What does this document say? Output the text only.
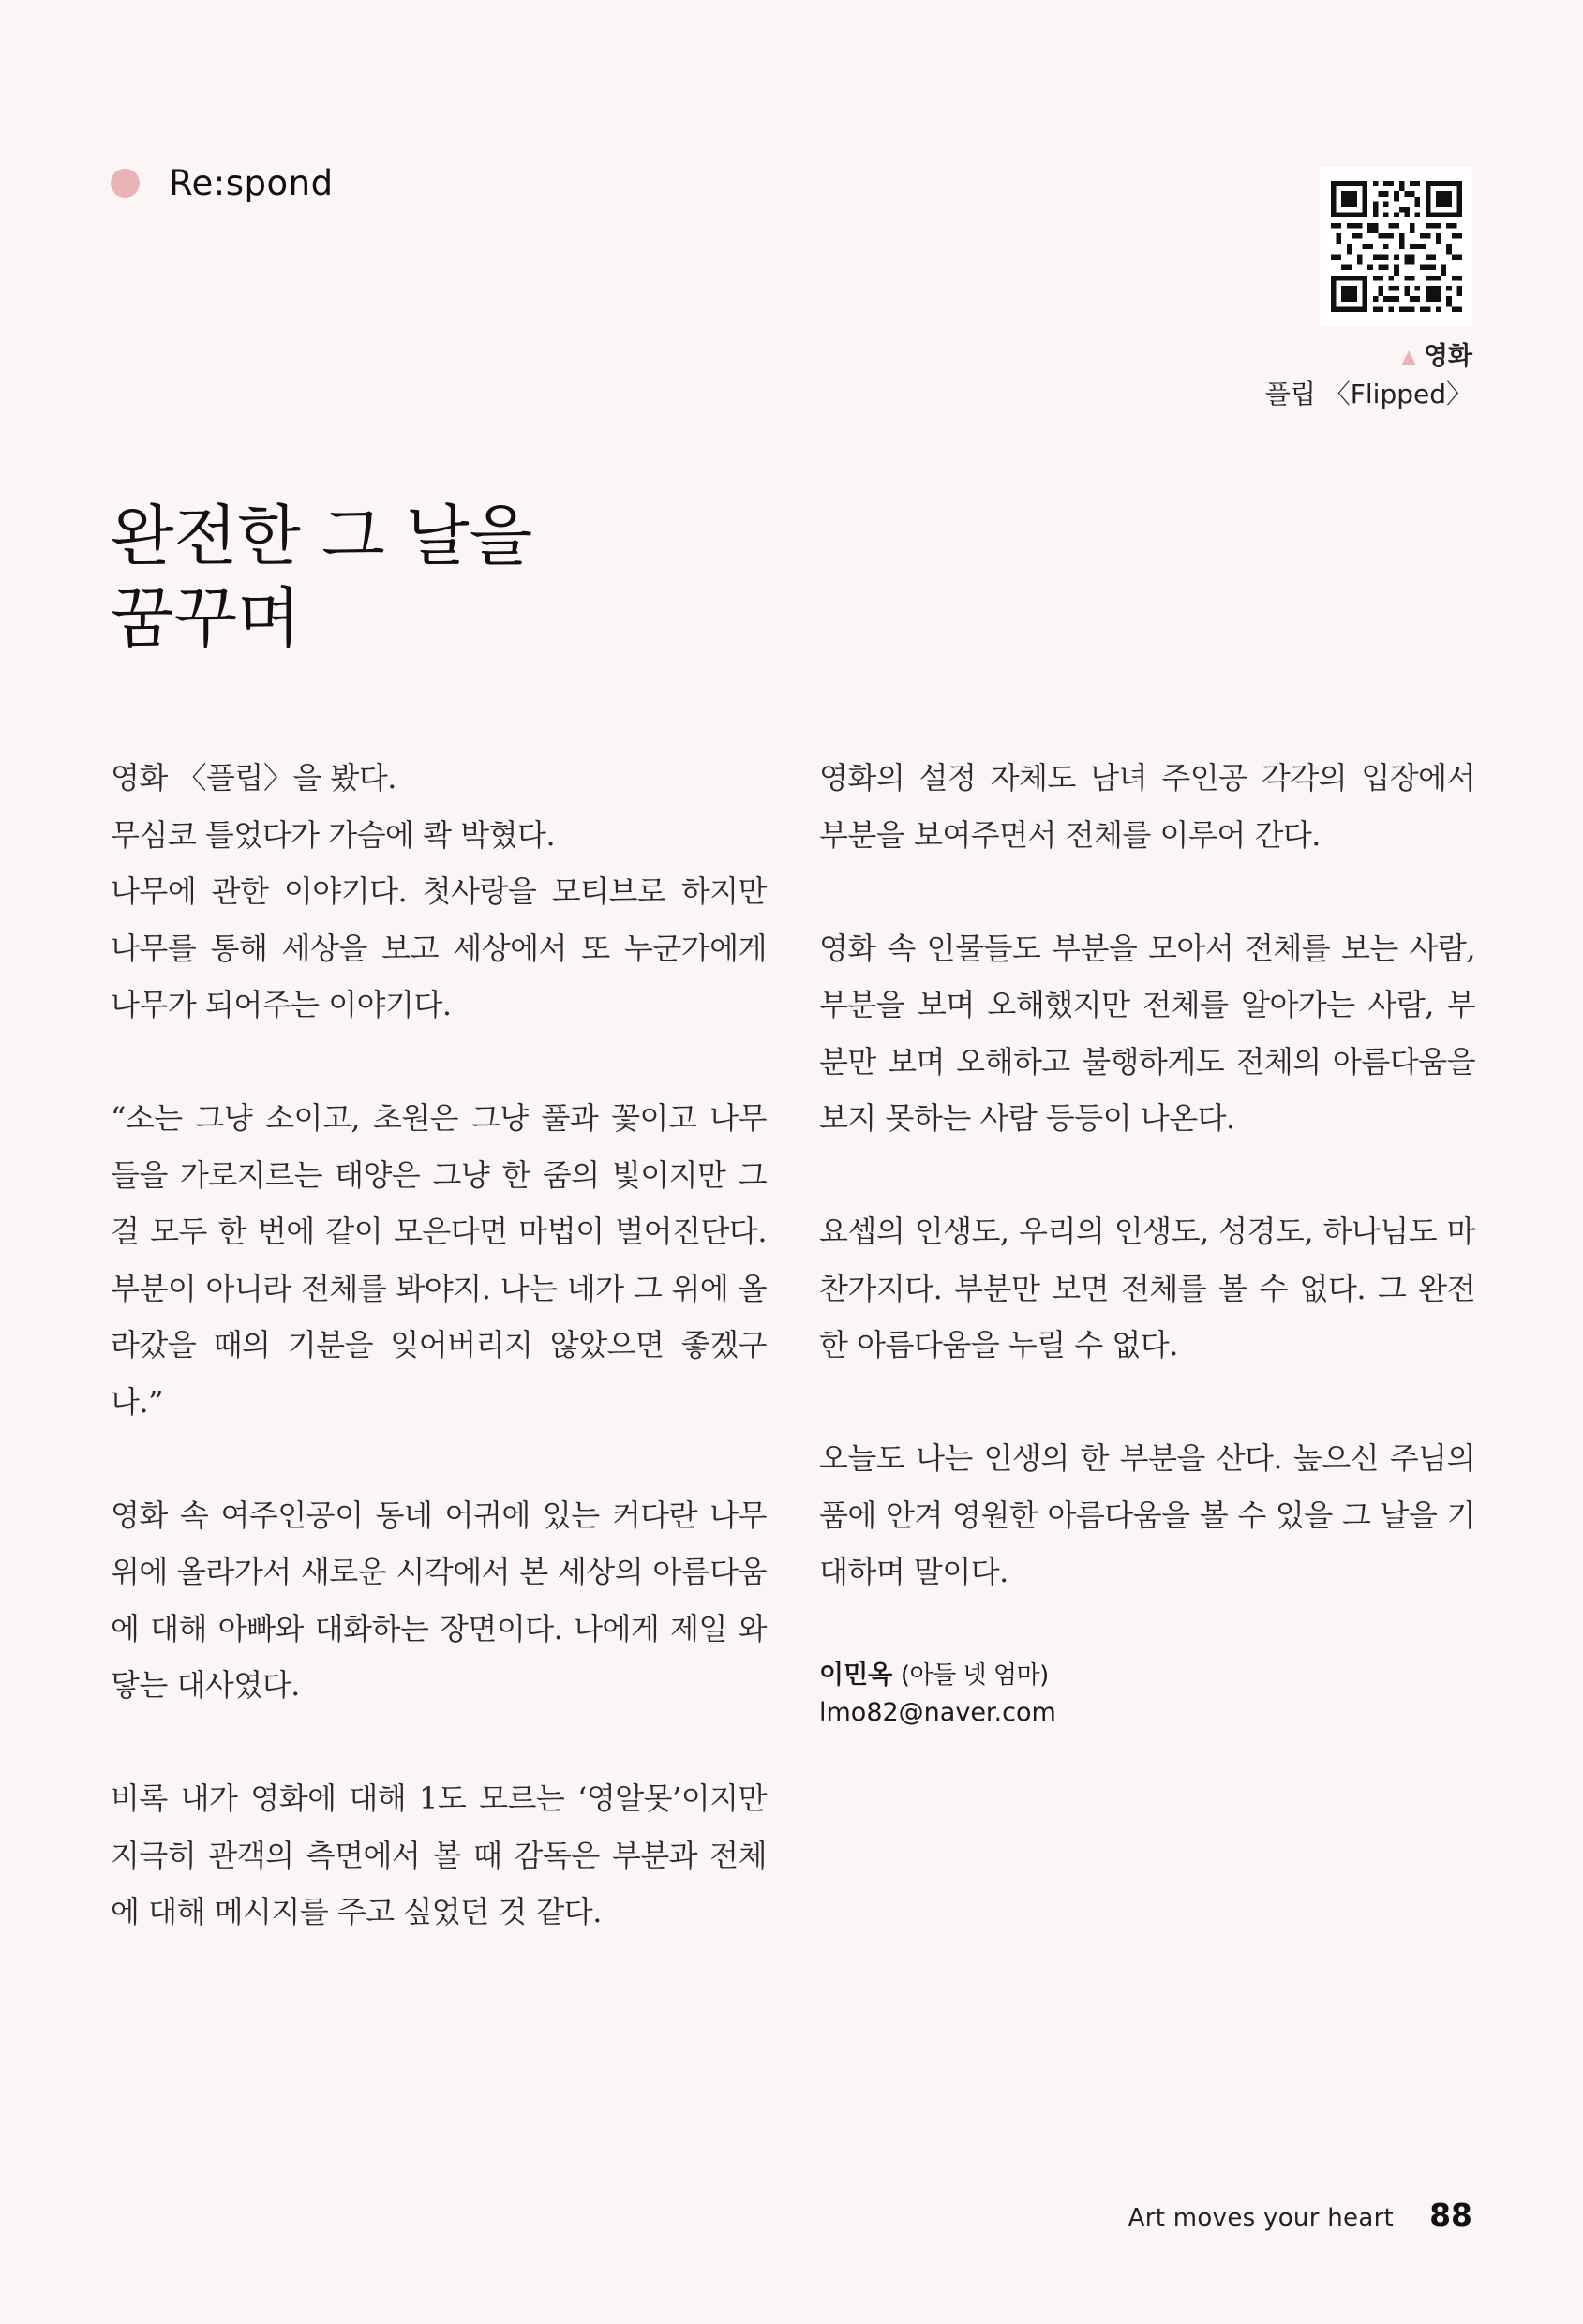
Re:spond
▲ 영화
플립 〈Flipped〉
완전한 그 날을
꿈꾸며

영화 〈플립〉을 봤다.
무심코 틀었다가 가슴에 콱 박혔다.
나무에 관한 이야기다. 첫사랑을 모티브로 하지만 나무를 통해 세상을 보고 세상에서 또 누군가에게 나무가 되어주는 이야기다.

“소는 그냥 소이고, 초원은 그냥 풀과 꽃이고 나무들을 가로지르는 태양은 그냥 한 줌의 빛이지만 그걸 모두 한 번에 같이 모은다면 마법이 벌어진단다. 부분이 아니라 전체를 봐야지. 나는 네가 그 위에 올라갔을 때의 기분을 잊어버리지 않았으면 좋겠구나.”

영화 속 여주인공이 동네 어귀에 있는 커다란 나무 위에 올라가서 새로운 시각에서 본 세상의 아름다움에 대해 아빠와 대화하는 장면이다. 나에게 제일 와닿는 대사였다.

비록 내가 영화에 대해 1도 모르는 ‘영알못’이지만 지극히 관객의 측면에서 볼 때 감독은 부분과 전체에 대해 메시지를 주고 싶었던 것 같다.

영화의 설정 자체도 남녀 주인공 각각의 입장에서 부분을 보여주면서 전체를 이루어 간다.

영화 속 인물들도 부분을 모아서 전체를 보는 사람, 부분을 보며 오해했지만 전체를 알아가는 사람, 부분만 보며 오해하고 불행하게도 전체의 아름다움을 보지 못하는 사람 등등이 나온다.

요셉의 인생도, 우리의 인생도, 성경도, 하나님도 마찬가지다. 부분만 보면 전체를 볼 수 없다. 그 완전한 아름다움을 누릴 수 없다.

오늘도 나는 인생의 한 부분을 산다. 높으신 주님의 품에 안겨 영원한 아름다움을 볼 수 있을 그 날을 기대하며 말이다.

이민옥 (아들 넷 엄마)
lmo82@naver.com
Art moves your heart 88
